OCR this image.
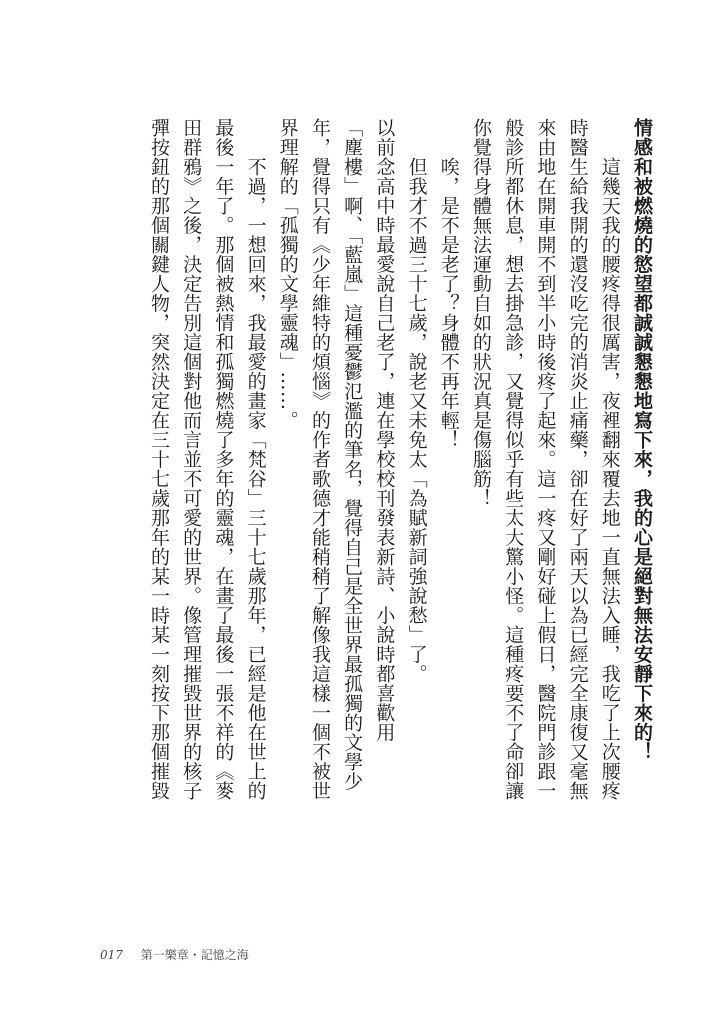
情感和被燃燒的慾望都誠誠懇懇地寫下來，我的心是絕對無法安靜下來的！
　　這幾天我的腰疼得很厲害，夜裡翻來覆去地一直無法入睡，我吃了上次腰疼
時醫生給我開的還沒吃完的消炎止痛藥，卻在好了兩天以為已經完全康復又毫無
來由地在開車開不到半小時後疼了起來。這一疼又剛好碰上假日，醫院門診跟一
般診所都休息，想去掛急診，又覺得似乎有些太大驚小怪。這種疼要不了命卻讓
你覺得身體無法運動自如的狀況真是傷腦筋！
　　唉，是不是老了？身體不再年輕！
　　但我才不過三十七歲，說老又未免太「為賦新詞強說愁」了。
以前念高中時最愛說自己老了，連在學校校刊發表新詩、小說時都喜歡用
「塵樓」啊、「藍嵐」這種憂鬱氾濫的筆名，覺得自己是全世界最孤獨的文學少
年，覺得只有《少年維特的煩惱》的作者歌德才能稍稍了解像我這樣一個不被世
界理解的「孤獨的文學靈魂」……。
　　不過，一想回來，我最愛的畫家「梵谷」三十七歲那年，已經是他在世上的
最後一年了。那個被熱情和孤獨燃燒了多年的靈魂，在畫了最後一張不祥的《麥
田群鴉》之後，決定告別這個對他而言並不可愛的世界。像管理摧毀世界的核子
彈按鈕的那個關鍵人物，突然決定在三十七歲那年的某一時某一刻按下那個摧毀
017 第一樂章・記憶之海
